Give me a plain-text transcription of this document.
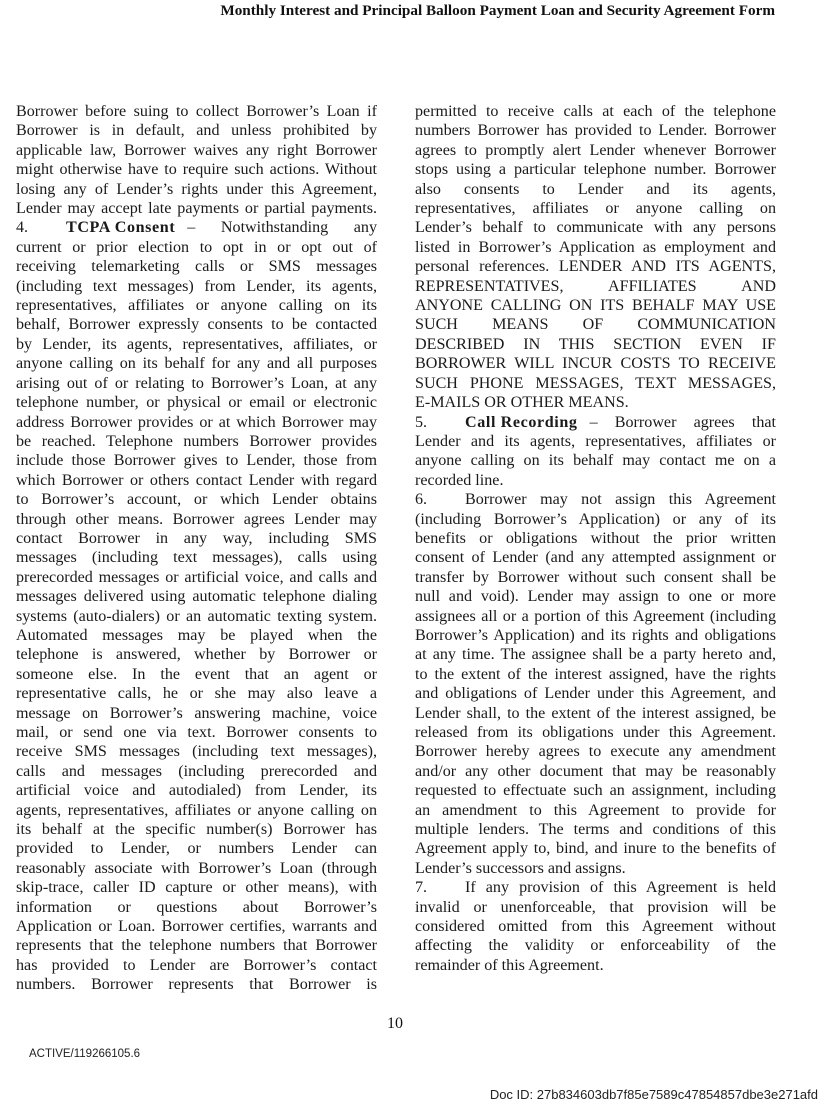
Monthly Interest and Principal Balloon Payment Loan and Security Agreement Form
Borrower before suing to collect Borrower’s Loan if
Borrower is in default, and unless prohibited by
applicable law, Borrower waives any right Borrower
might otherwise have to require such actions. Without
losing any of Lender’s rights under this Agreement,
Lender may accept late payments or partial payments.
4.	TCPA Consent – Notwithstanding any
current or prior election to opt in or opt out of
receiving telemarketing calls or SMS messages
(including text messages) from Lender, its agents,
representatives, affiliates or anyone calling on its
behalf, Borrower expressly consents to be contacted
by Lender, its agents, representatives, affiliates, or
anyone calling on its behalf for any and all purposes
arising out of or relating to Borrower’s Loan, at any
telephone number, or physical or email or electronic
address Borrower provides or at which Borrower may
be reached. Telephone numbers Borrower provides
include those Borrower gives to Lender, those from
which Borrower or others contact Lender with regard
to Borrower’s account, or which Lender obtains
through other means. Borrower agrees Lender may
contact Borrower in any way, including SMS
messages (including text messages), calls using
prerecorded messages or artificial voice, and calls and
messages delivered using automatic telephone dialing
systems (auto-dialers) or an automatic texting system.
Automated messages may be played when the
telephone is answered, whether by Borrower or
someone else. In the event that an agent or
representative calls, he or she may also leave a
message on Borrower’s answering machine, voice
mail, or send one via text. Borrower consents to
receive SMS messages (including text messages),
calls and messages (including prerecorded and
artificial voice and autodialed) from Lender, its
agents, representatives, affiliates or anyone calling on
its behalf at the specific number(s) Borrower has
provided to Lender, or numbers Lender can
reasonably associate with Borrower’s Loan (through
skip-trace, caller ID capture or other means), with
information or questions about Borrower’s
Application or Loan. Borrower certifies, warrants and
represents that the telephone numbers that Borrower
has provided to Lender are Borrower’s contact
numbers. Borrower represents that Borrower is
permitted to receive calls at each of the telephone
numbers Borrower has provided to Lender. Borrower
agrees to promptly alert Lender whenever Borrower
stops using a particular telephone number. Borrower
also consents to Lender and its agents,
representatives, affiliates or anyone calling on
Lender’s behalf to communicate with any persons
listed in Borrower’s Application as employment and
personal references. LENDER AND ITS AGENTS,
REPRESENTATIVES, AFFILIATES AND
ANYONE CALLING ON ITS BEHALF MAY USE
SUCH MEANS OF COMMUNICATION
DESCRIBED IN THIS SECTION EVEN IF
BORROWER WILL INCUR COSTS TO RECEIVE
SUCH PHONE MESSAGES, TEXT MESSAGES,
E-MAILS OR OTHER MEANS.
5.	Call Recording – Borrower agrees that
Lender and its agents, representatives, affiliates or
anyone calling on its behalf may contact me on a
recorded line.
6.	Borrower may not assign this Agreement
(including Borrower’s Application) or any of its
benefits or obligations without the prior written
consent of Lender (and any attempted assignment or
transfer by Borrower without such consent shall be
null and void). Lender may assign to one or more
assignees all or a portion of this Agreement (including
Borrower’s Application) and its rights and obligations
at any time. The assignee shall be a party hereto and,
to the extent of the interest assigned, have the rights
and obligations of Lender under this Agreement, and
Lender shall, to the extent of the interest assigned, be
released from its obligations under this Agreement.
Borrower hereby agrees to execute any amendment
and/or any other document that may be reasonably
requested to effectuate such an assignment, including
an amendment to this Agreement to provide for
multiple lenders. The terms and conditions of this
Agreement apply to, bind, and inure to the benefits of
Lender’s successors and assigns.
7.	If any provision of this Agreement is held
invalid or unenforceable, that provision will be
considered omitted from this Agreement without
affecting the validity or enforceability of the
remainder of this Agreement.
10
ACTIVE/119266105.6
Doc ID: 27b834603db7f85e7589c47854857dbe3e271afd
